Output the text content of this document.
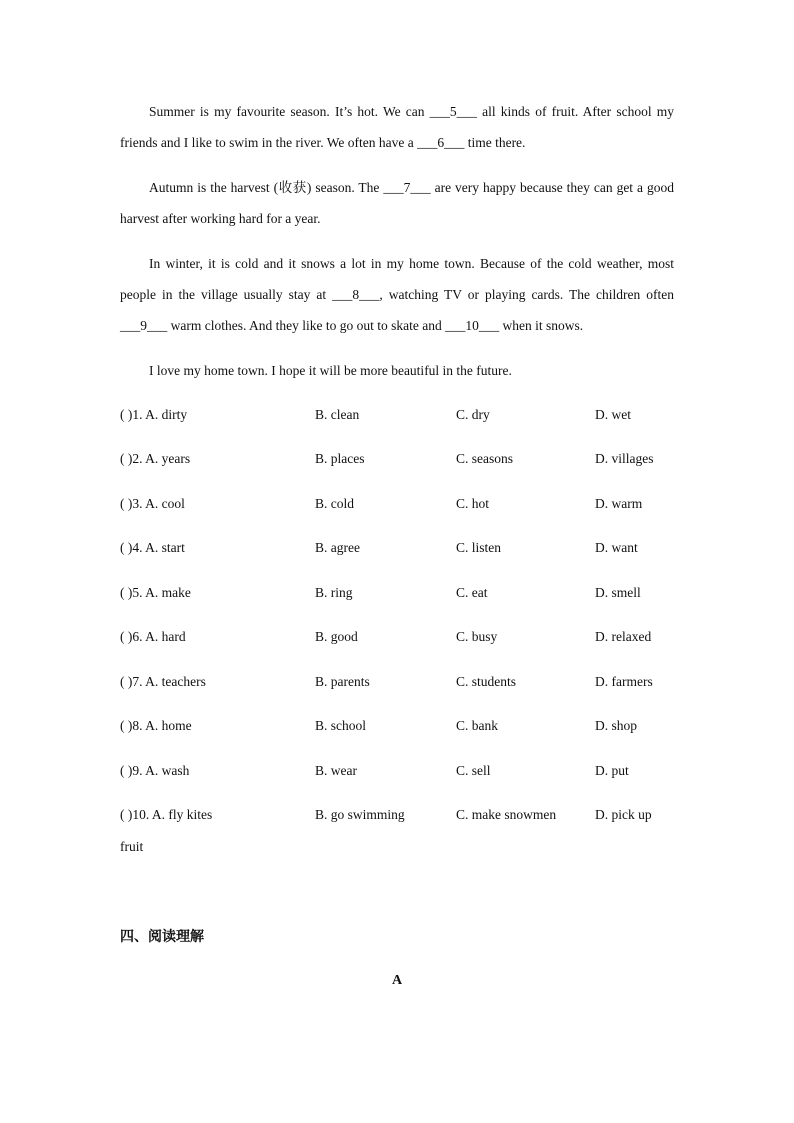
Summer is my favourite season. It’s hot. We can ___5___ all kinds of fruit. After school my friends and I like to swim in the river. We often have a ___6___ time there.

Autumn is the harvest (收获) season. The ___7___ are very happy because they can get a good harvest after working hard for a year.

In winter, it is cold and it snows a lot in my home town. Because of the cold weather, most people in the village usually stay at ___8___, watching TV or playing cards. The children often ___9___ warm clothes. And they like to go out to skate and ___10___ when it snows.

I love my home town. I hope it will be more beautiful in the future.

( )1. A. dirty	B. clean	C. dry	D. wet
( )2. A. years	B. places	C. seasons	D. villages
( )3. A. cool	B. cold	C. hot	D. warm
( )4. A. start	B. agree	C. listen	D. want
( )5. A. make	B. ring	C. eat	D. smell
( )6. A. hard	B. good	C. busy	D. relaxed
( )7. A. teachers	B. parents	C. students	D. farmers
( )8. A. home	B. school	C. bank	D. shop
( )9. A. wash	B. wear	C. sell	D. put
( )10. A. fly kites	B. go swimming	C. make snowmen	D. pick up
fruit
四、阅读理解
A
